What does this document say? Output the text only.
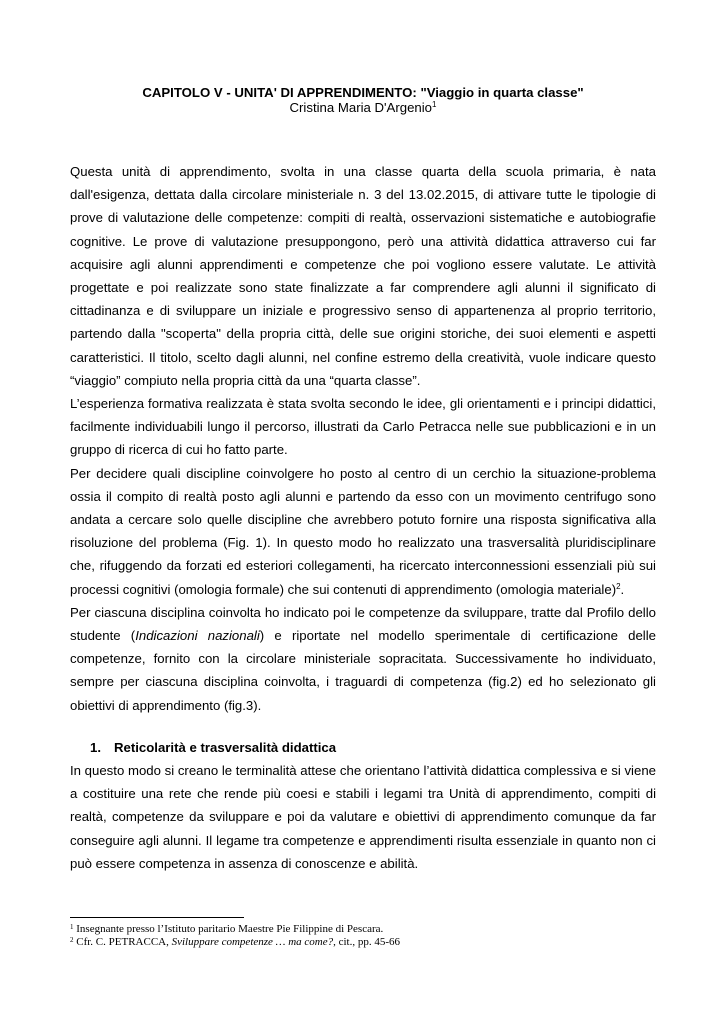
CAPITOLO V - UNITA' DI APPRENDIMENTO: "Viaggio in quarta classe"
Cristina Maria D'Argenio$^1$

Questa unità di apprendimento, svolta in una classe quarta della scuola primaria, è nata dall'esigenza, dettata dalla circolare ministeriale n. 3 del 13.02.2015, di attivare tutte le tipologie di prove di valutazione delle competenze: compiti di realtà, osservazioni sistematiche e autobiografie cognitive. Le prove di valutazione presuppongono, però una attività didattica attraverso cui far acquisire agli alunni apprendimenti e competenze che poi vogliono essere valutate. Le attività progettate e poi realizzate sono state finalizzate a far comprendere agli alunni il significato di cittadinanza e di sviluppare un iniziale e progressivo senso di appartenenza al proprio territorio, partendo dalla "scoperta" della propria città, delle sue origini storiche, dei suoi elementi e aspetti caratteristici. Il titolo, scelto dagli alunni, nel confine estremo della creatività, vuole indicare questo “viaggio” compiuto nella propria città da una “quarta classe”.

L’esperienza formativa realizzata è stata svolta secondo le idee, gli orientamenti e i principi didattici, facilmente individuabili lungo il percorso, illustrati da Carlo Petracca nelle sue pubblicazioni e in un gruppo di ricerca di cui ho fatto parte.

Per decidere quali discipline coinvolgere ho posto al centro di un cerchio la situazione-problema ossia il compito di realtà posto agli alunni e partendo da esso con un movimento centrifugo sono andata a cercare solo quelle discipline che avrebbero potuto fornire una risposta significativa alla risoluzione del problema (Fig. 1). In questo modo ho realizzato una trasversalità pluridisciplinare che, rifuggendo da forzati ed esteriori collegamenti, ha ricercato interconnessioni essenziali più sui processi cognitivi (omologia formale) che sui contenuti di apprendimento (omologia materiale)$^2$.

Per ciascuna disciplina coinvolta ho indicato poi le competenze da sviluppare, tratte dal Profilo dello studente (Indicazioni nazionali) e riportate nel modello sperimentale di certificazione delle competenze, fornito con la circolare ministeriale sopracitata. Successivamente ho individuato, sempre per ciascuna disciplina coinvolta, i traguardi di competenza (fig.2) ed ho selezionato gli obiettivi di apprendimento (fig.3).

1. Reticolarità e trasversalità didattica

In questo modo si creano le terminalità attese che orientano l’attività didattica complessiva e si viene a costituire una rete che rende più coesi e stabili i legami tra Unità di apprendimento, compiti di realtà, competenze da sviluppare e poi da valutare e obiettivi di apprendimento comunque da far conseguire agli alunni. Il legame tra competenze e apprendimenti risulta essenziale in quanto non ci può essere competenza in assenza di conoscenze e abilità.

$^1$ Insegnante presso l’Istituto paritario Maestre Pie Filippine di Pescara.
$^2$ Cfr. C. PETRACCA, Sviluppare competenze … ma come?, cit., pp. 45-66
